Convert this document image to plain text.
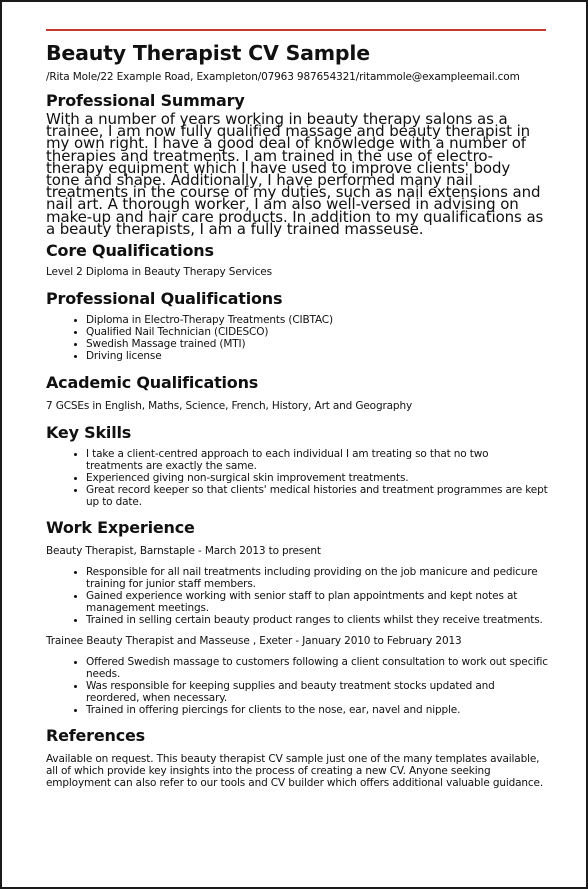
Beauty Therapist CV Sample
/Rita Mole/22 Example Road, Exampleton/07963 987654321/ritammole@exampleemail.com
Professional Summary
With a number of years working in beauty therapy salons as a trainee, I am now fully qualified massage and beauty therapist in my own right. I have a good deal of knowledge with a number of therapies and treatments. I am trained in the use of electro-therapy equipment which I have used to improve clients' body tone and shape. Additionally, I have performed many nail treatments in the course of my duties, such as nail extensions and nail art. A thorough worker, I am also well-versed in advising on make-up and hair care products. In addition to my qualifications as a beauty therapists, I am a fully trained masseuse.
Core Qualifications
Level 2 Diploma in Beauty Therapy Services
Professional Qualifications
• Diploma in Electro-Therapy Treatments (CIBTAC)
• Qualified Nail Technician (CIDESCO)
• Swedish Massage trained (MTI)
• Driving license
Academic Qualifications
7 GCSEs in English, Maths, Science, French, History, Art and Geography
Key Skills
• I take a client-centred approach to each individual I am treating so that no two treatments are exactly the same.
• Experienced giving non-surgical skin improvement treatments.
• Great record keeper so that clients' medical histories and treatment programmes are kept up to date.
Work Experience
Beauty Therapist, Barnstaple - March 2013 to present
• Responsible for all nail treatments including providing on the job manicure and pedicure training for junior staff members.
• Gained experience working with senior staff to plan appointments and kept notes at management meetings.
• Trained in selling certain beauty product ranges to clients whilst they receive treatments.
Trainee Beauty Therapist and Masseuse , Exeter - January 2010 to February 2013
• Offered Swedish massage to customers following a client consultation to work out specific needs.
• Was responsible for keeping supplies and beauty treatment stocks updated and reordered, when necessary.
• Trained in offering piercings for clients to the nose, ear, navel and nipple.
References
Available on request. This beauty therapist CV sample just one of the many templates available, all of which provide key insights into the process of creating a new CV. Anyone seeking employment can also refer to our tools and CV builder which offers additional valuable guidance.
